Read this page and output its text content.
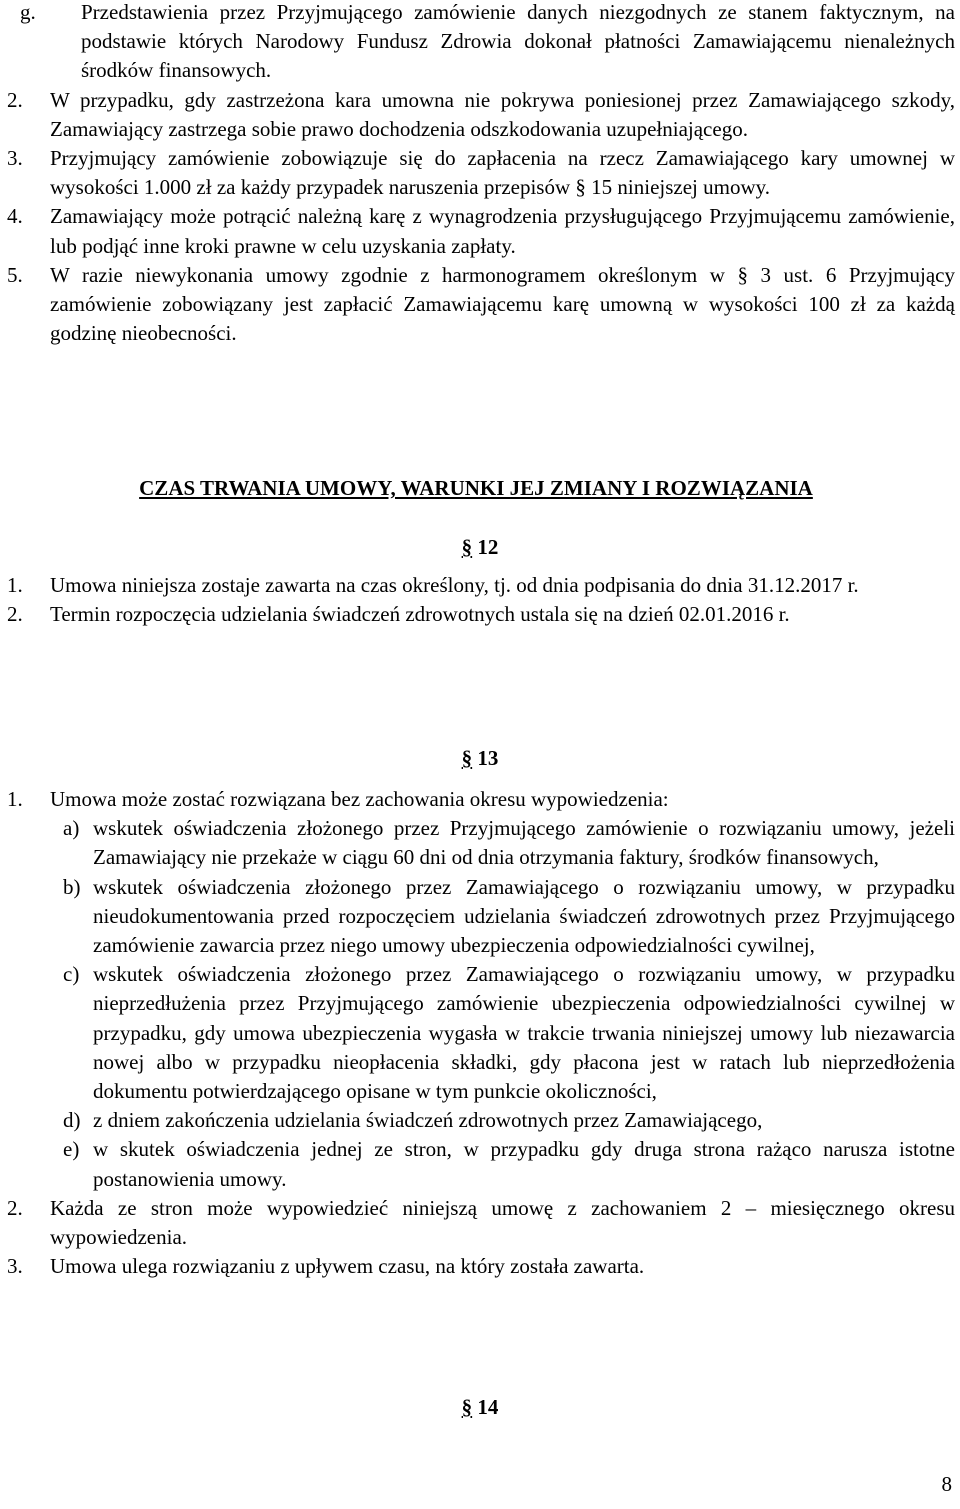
g. Przedstawienia przez Przyjmującego zamówienie danych niezgodnych ze stanem faktycznym, na podstawie których Narodowy Fundusz Zdrowia dokonał płatności Zamawiającemu nienależnych środków finansowych.
2. W przypadku, gdy zastrzeżona kara umowna nie pokrywa poniesionej przez Zamawiającego szkody, Zamawiający zastrzega sobie prawo dochodzenia odszkodowania uzupełniającego.
3. Przyjmujący zamówienie zobowiązuje się do zapłacenia na rzecz Zamawiającego kary umownej w wysokości 1.000 zł za każdy przypadek naruszenia przepisów § 15 niniejszej umowy.
4. Zamawiający może potrącić należną karę z wynagrodzenia przysługującego Przyjmującemu zamówienie, lub podjąć inne kroki prawne w celu uzyskania zapłaty.
5. W razie niewykonania umowy zgodnie z harmonogramem określonym w § 3 ust. 6 Przyjmujący zamówienie zobowiązany jest zapłacić Zamawiającemu karę umowną w wysokości 100 zł za każdą godzinę nieobecności.
CZAS TRWANIA UMOWY, WARUNKI JEJ ZMIANY I ROZWIĄZANIA
§ 12
1. Umowa niniejsza zostaje zawarta na czas określony, tj. od dnia podpisania do dnia 31.12.2017 r.
2. Termin rozpoczęcia udzielania świadczeń zdrowotnych ustala się na dzień 02.01.2016 r.
§ 13
1. Umowa może zostać rozwiązana bez zachowania okresu wypowiedzenia:
a) wskutek oświadczenia złożonego przez Przyjmującego zamówienie o rozwiązaniu umowy, jeżeli Zamawiający nie przekaże w ciągu 60 dni od dnia otrzymania faktury, środków finansowych,
b) wskutek oświadczenia złożonego przez Zamawiającego o rozwiązaniu umowy, w przypadku nieudokumentowania przed rozpoczęciem udzielania świadczeń zdrowotnych przez Przyjmującego zamówienie zawarcia przez niego umowy ubezpieczenia odpowiedzialności cywilnej,
c) wskutek oświadczenia złożonego przez Zamawiającego o rozwiązaniu umowy, w przypadku nieprzedłużenia przez Przyjmującego zamówienie ubezpieczenia odpowiedzialności cywilnej w przypadku, gdy umowa ubezpieczenia wygasła w trakcie trwania niniejszej umowy lub niezawarcia nowej albo w przypadku nieopłacenia składki, gdy płacona jest w ratach lub nieprzedłożenia dokumentu potwierdzającego opisane w tym punkcie okoliczności,
d) z dniem zakończenia udzielania świadczeń zdrowotnych przez Zamawiającego,
e) w skutek oświadczenia jednej ze stron, w przypadku gdy druga strona rażąco narusza istotne postanowienia umowy.
2. Każda ze stron może wypowiedzieć niniejszą umowę z zachowaniem 2 – miesięcznego okresu wypowiedzenia.
3. Umowa ulega rozwiązaniu z upływem czasu, na który została zawarta.
§ 14
8
